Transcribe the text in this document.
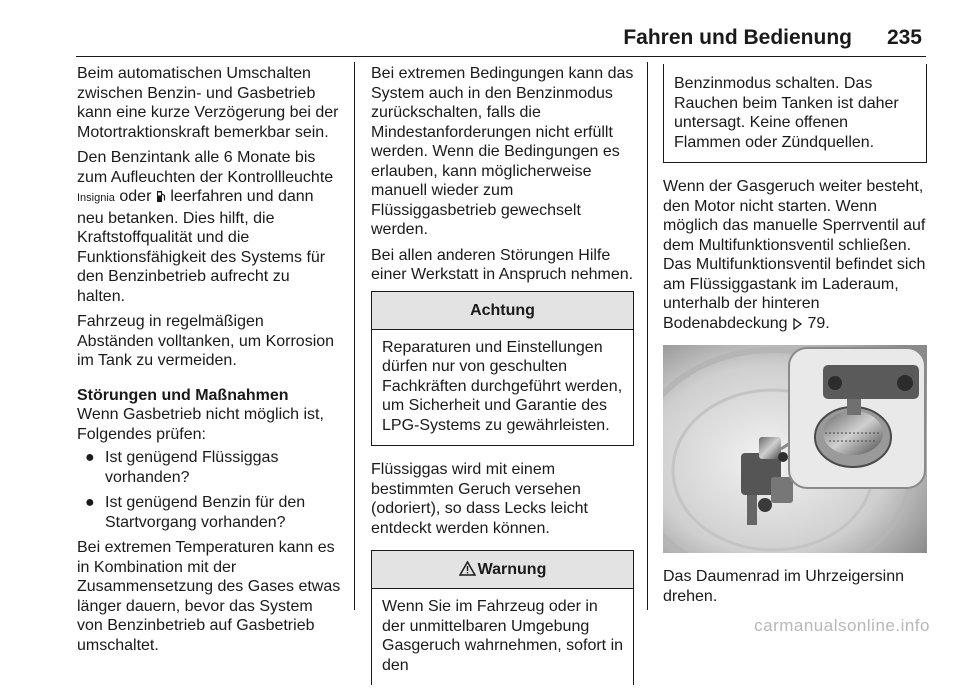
Fahren und Bedienung 235

Beim automatischen Umschalten zwischen Benzin- und Gasbetrieb kann eine kurze Verzögerung bei der Motortraktionskraft bemerkbar sein.

Den Benzintank alle 6 Monate bis zum Aufleuchten der Kontrollleuchte Insignia oder leerfahren und dann neu betanken. Dies hilft, die Kraftstoffqualität und die Funktionsfähigkeit des Systems für den Benzinbetrieb aufrecht zu halten.

Fahrzeug in regelmäßigen Abständen volltanken, um Korrosion im Tank zu vermeiden.

Störungen und Maßnahmen

Wenn Gasbetrieb nicht möglich ist, Folgendes prüfen:

● Ist genügend Flüssiggas vorhanden?
● Ist genügend Benzin für den Startvorgang vorhanden?

Bei extremen Temperaturen kann es in Kombination mit der Zusammensetzung des Gases etwas länger dauern, bevor das System von Benzinbetrieb auf Gasbetrieb umschaltet.

Bei extremen Bedingungen kann das System auch in den Benzinmodus zurückschalten, falls die Mindestanforderungen nicht erfüllt werden. Wenn die Bedingungen es erlauben, kann möglicherweise manuell wieder zum Flüssiggasbetrieb gewechselt werden.

Bei allen anderen Störungen Hilfe einer Werkstatt in Anspruch nehmen.

Achtung
Reparaturen und Einstellungen dürfen nur von geschulten Fachkräften durchgeführt werden, um Sicherheit und Garantie des LPG-Systems zu gewährleisten.

Flüssiggas wird mit einem bestimmten Geruch versehen (odoriert), so dass Lecks leicht entdeckt werden können.

Warnung
Wenn Sie im Fahrzeug oder in der unmittelbaren Umgebung Gasgeruch wahrnehmen, sofort in den
Benzinmodus schalten. Das Rauchen beim Tanken ist daher untersagt. Keine offenen Flammen oder Zündquellen.

Wenn der Gasgeruch weiter besteht, den Motor nicht starten. Wenn möglich das manuelle Sperrventil auf dem Multifunktionsventil schließen. Das Multifunktionsventil befindet sich am Flüssiggastank im Laderaum, unterhalb der hinteren Bodenabdeckung 79.

Das Daumenrad im Uhrzeigersinn drehen.

carmanualsonline.info
